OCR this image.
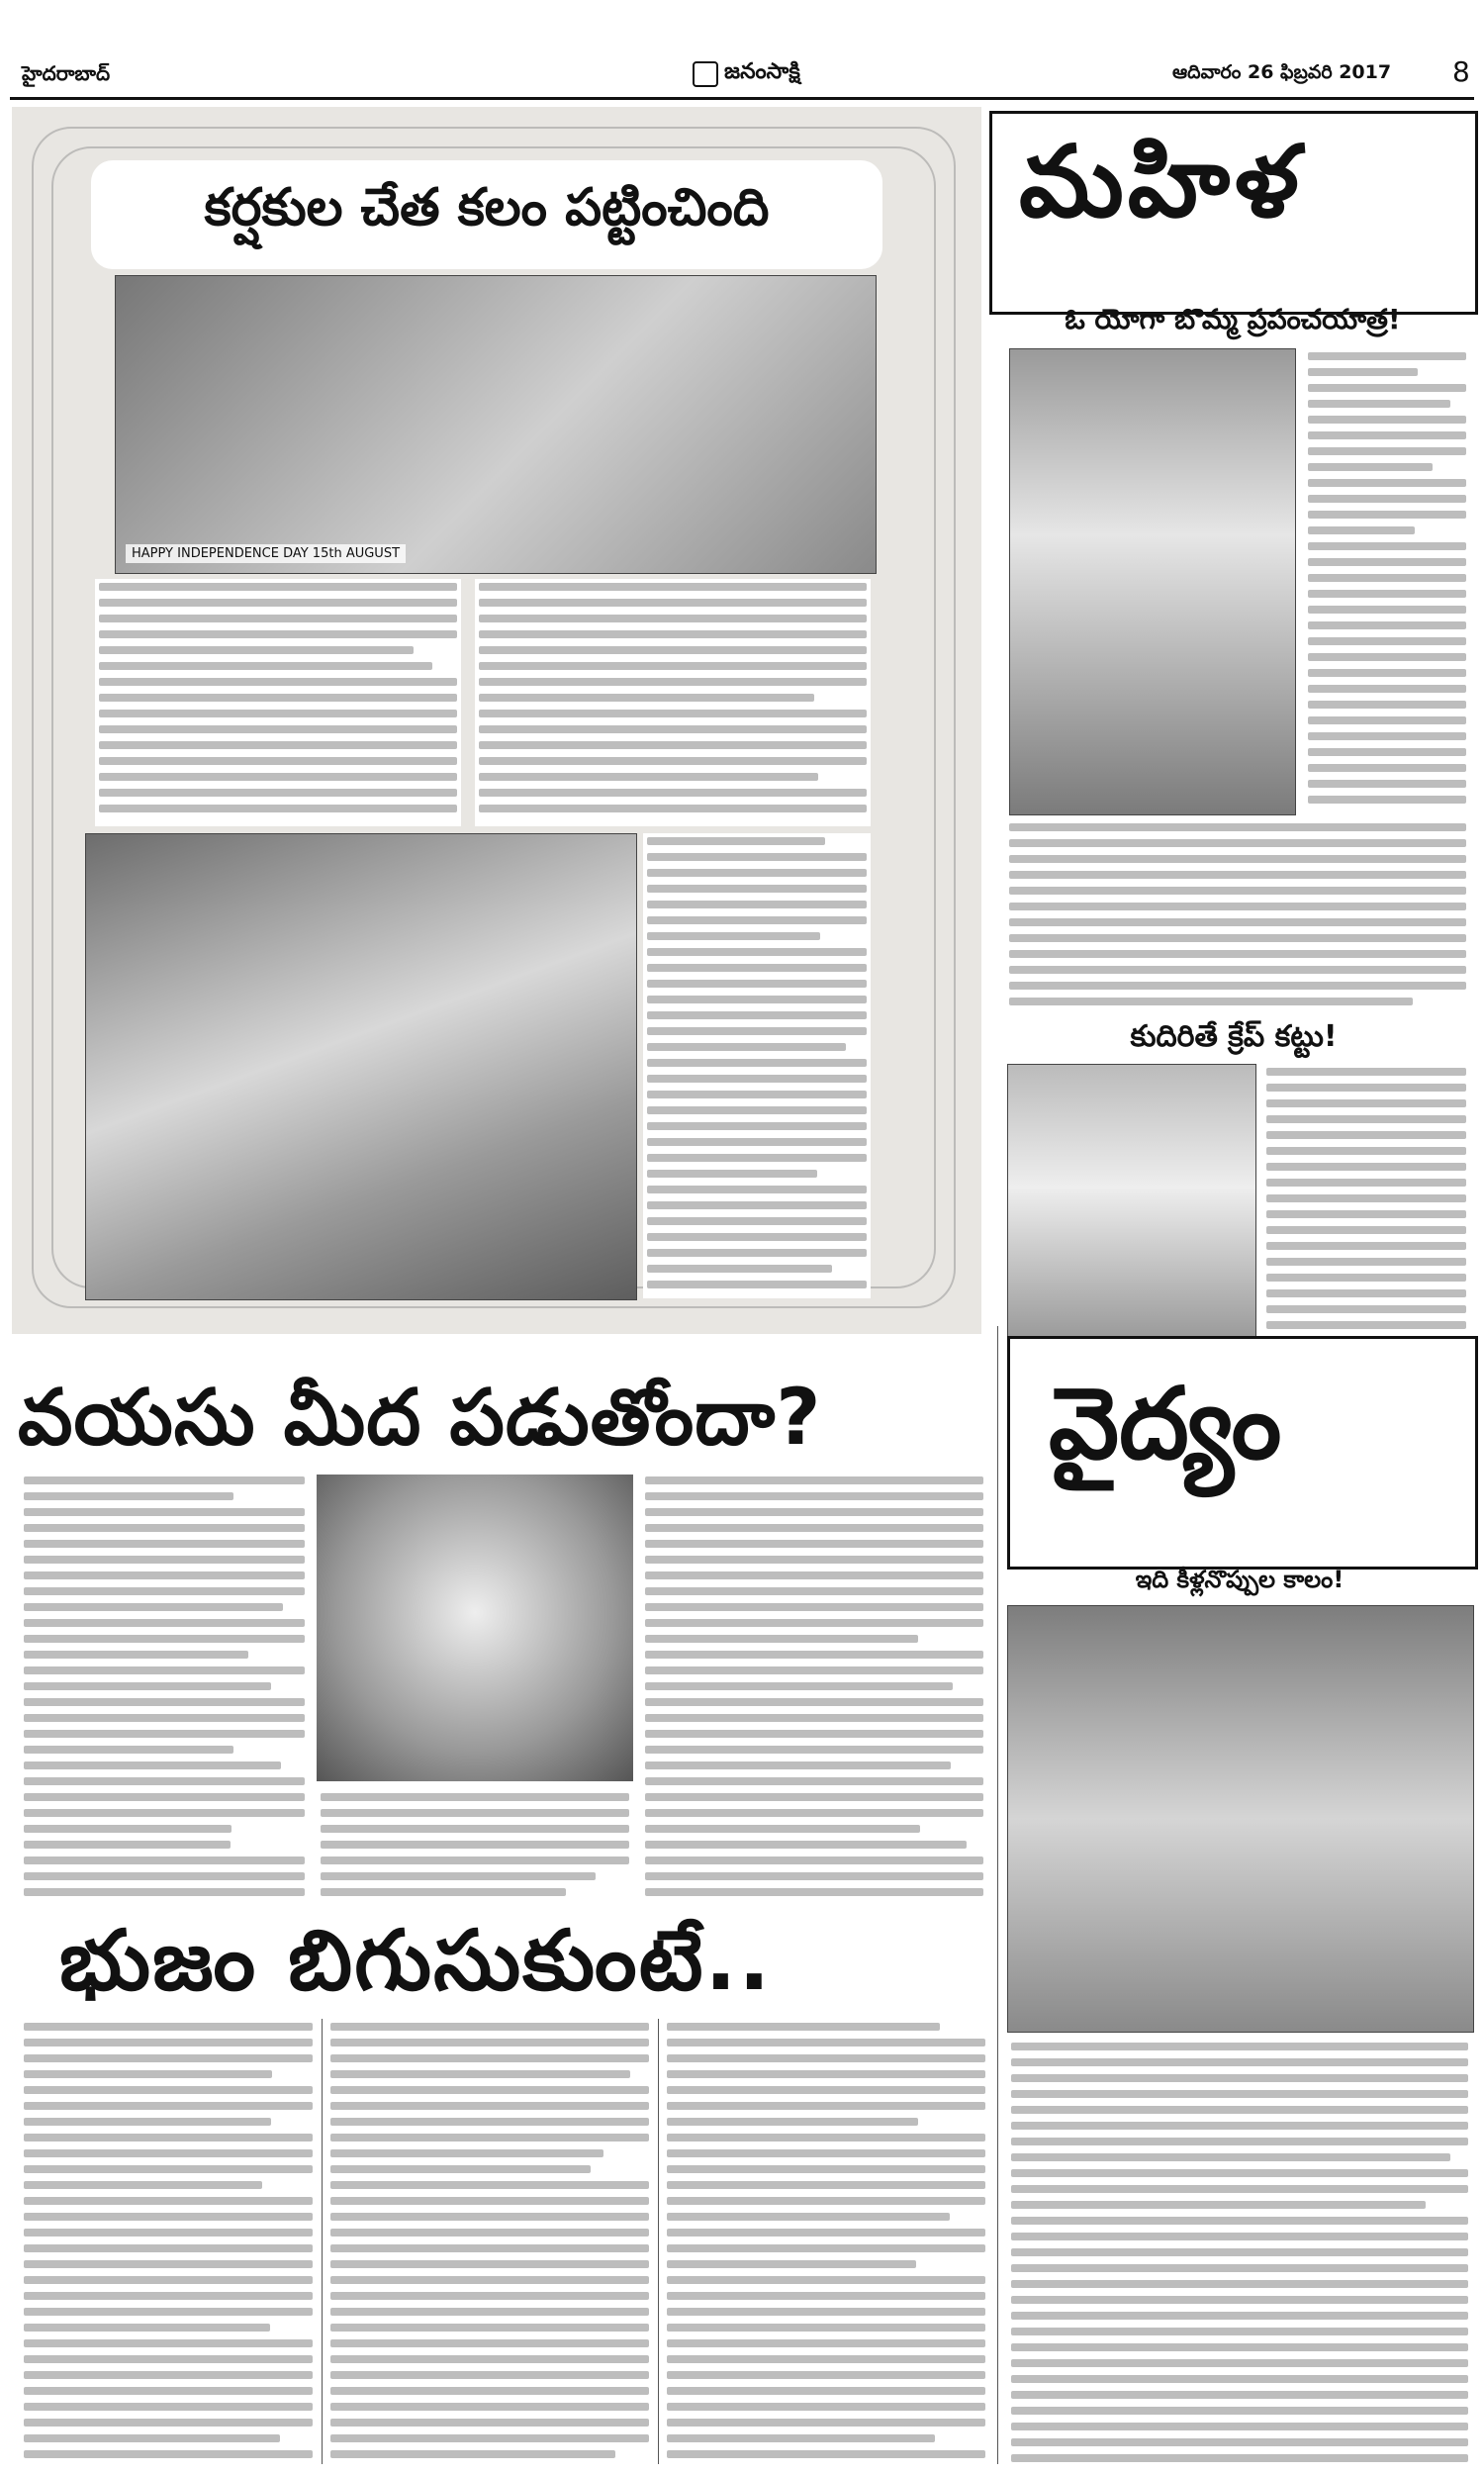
హైదరాబాద్	జనంసాక్షి	ఆదివారం 26 ఫిబ్రవరి 2017 8
కర్షకుల చేత కలం పట్టించింది
HAPPY INDEPENDENCE DAY 15th AUGUST
మహిళ
ఓ యోగా బొమ్మ ప్రపంచయాత్ర!
కుదిరితే క్రేప్ కట్టు!
వయసు మీద పడుతోందా?	వైద్యం
ఇది కీళ్లనొప్పుల కాలం!
భుజం బిగుసుకుంటే..
